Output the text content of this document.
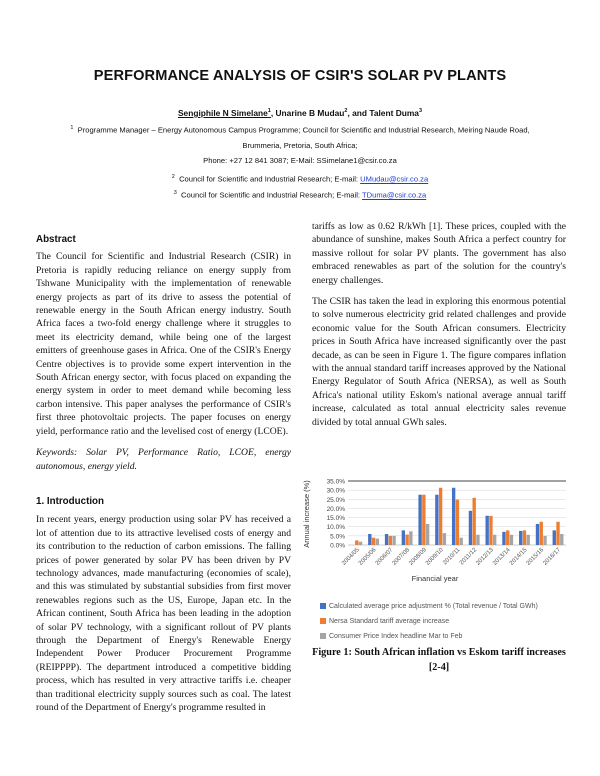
PERFORMANCE ANALYSIS OF CSIR'S SOLAR PV PLANTS
Sengiphile N Simelane$^1$, Unarine B Mudau$^2$, and Talent Duma$^3$
$^1$ Programme Manager – Energy Autonomous Campus Programme; Council for Scientific and Industrial Research, Meiring Naude Road, Brummeria, Pretoria, South Africa;
Phone: +27 12 841 3087; E-Mail: SSimelane1@csir.co.za
$^2$ Council for Scientific and Industrial Research; E-mail: UMudau@csir.co.za
$^3$ Council for Scientific and Industrial Research; E-mail: TDuma@csir.co.za
Abstract

The Council for Scientific and Industrial Research (CSIR) in Pretoria is rapidly reducing reliance on energy supply from Tshwane Municipality with the implementation of renewable energy projects as part of its drive to assess the potential of renewable energy in the South African energy industry. South Africa faces a two-fold energy challenge where it struggles to meet its electricity demand, while being one of the largest emitters of greenhouse gases in Africa. One of the CSIR's Energy Centre objectives is to provide some expert intervention in the South African energy sector, with focus placed on expanding the energy system in order to meet demand while becoming less carbon intensive. This paper analyses the performance of CSIR's first three photovoltaic projects. The paper focuses on energy yield, performance ratio and the levelised cost of energy (LCOE).

Keywords: Solar PV, Performance Ratio, LCOE, energy autonomous, energy yield.

1. Introduction

In recent years, energy production using solar PV has received a lot of attention due to its attractive levelised costs of energy and its contribution to the reduction of carbon emissions. The falling prices of power generated by solar PV has been driven by PV technology advances, made manufacturing (economies of scale), and this was stimulated by substantial subsidies from first mover renewables regions such as the US, Europe, Japan etc. In the African continent, South Africa has been leading in the adoption of solar PV technology, with a significant rollout of PV plants through the Department of Energy's Renewable Energy Independent Power Producer Procurement Programme (REIPPPP). The department introduced a competitive bidding process, which has resulted in very attractive tariffs i.e. cheaper than traditional electricity supply sources such as coal. The latest round of the Department of Energy's programme resulted in

tariffs as low as 0.62 R/kWh [1]. These prices, coupled with the abundance of sunshine, makes South Africa a perfect country for massive rollout for solar PV plants. The government has also embraced renewables as part of the solution for the country's energy challenges.

The CSIR has taken the lead in exploring this enormous potential to solve numerous electricity grid related challenges and provide economic value for the South African consumers. Electricity prices in South Africa have increased significantly over the past decade, as can be seen in Figure 1. The figure compares inflation with the annual standard tariff increases approved by the National Energy Regulator of South Africa (NERSA), as well as South Africa's national utility Eskom's national average annual tariff increase, calculated as total annual electricity sales revenue divided by total annual GWh sales.

0.0%
5.0%
10.0%
15.0%
20.0%
25.0%
30.0%
35.0%
2004/05
2005/06
2006/07
2007/08
2008/09
2009/10
2010/11
2011/12
2012/13
2013/14
2014/15
2015/16
2016/17
Annual increase (%)
Financial year
Calculated average price adjustment % (Total revenue / Total GWh)
Nersa Standard tariff average increase
Consumer Price Index headline Mar to Feb
Figure 1: South African inflation vs Eskom tariff increases
[2-4]
